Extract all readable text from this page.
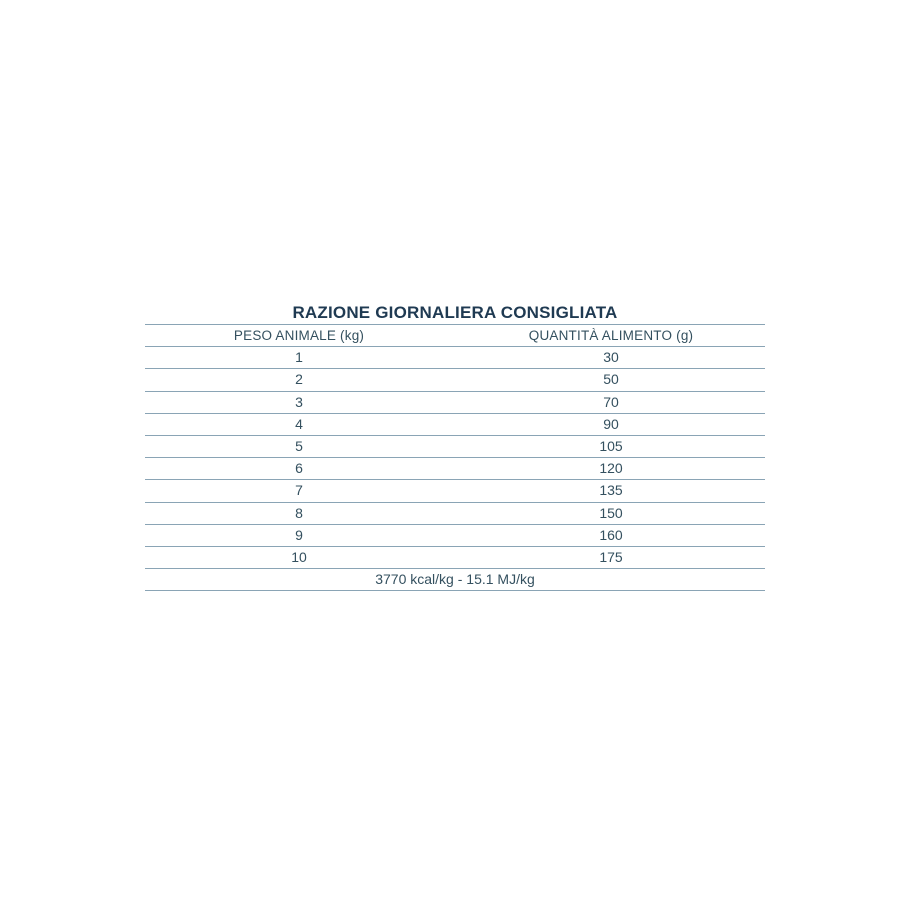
RAZIONE GIORNALIERA CONSIGLIATA
PESO ANIMALE (kg)	QUANTITÀ ALIMENTO (g)
1	30
2	50
3	70
4	90
5	105
6	120
7	135
8	150
9	160
10	175
3770 kcal/kg - 15.1 MJ/kg
